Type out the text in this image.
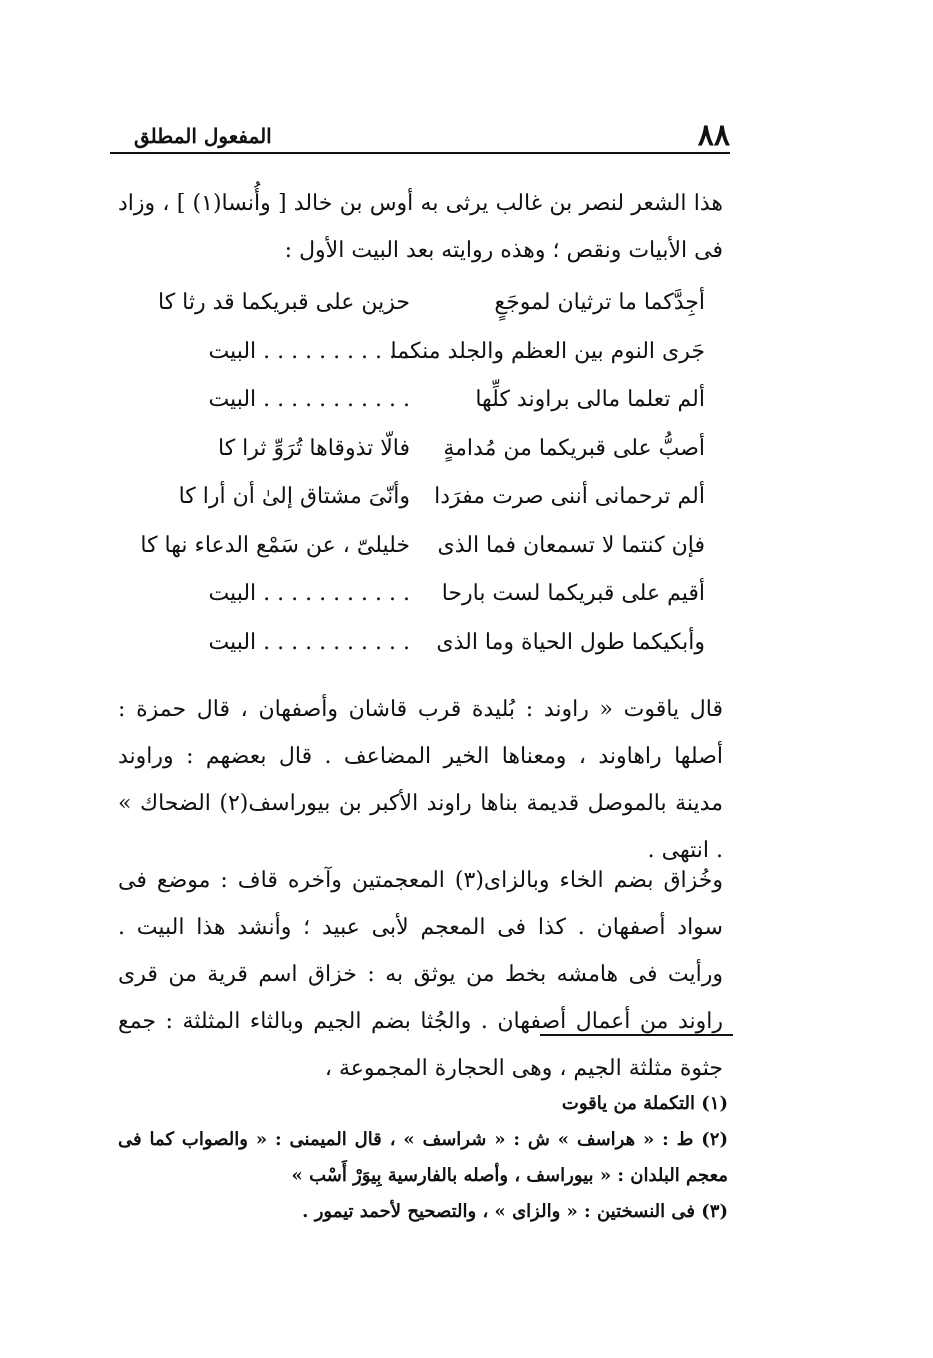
٨٨
المفعول المطلق
هذا الشعر لنصر بن غالب يرثى به أوس بن خالد [ وأُنسا(١) ] ، وزاد فى الأبيات ونقص ؛ وهذه روايته بعد البيت الأول :
أجِدَّكما ما ترثيان لموجَعٍ
حزين على قبريكما قد رثا كا
جَرى النوم بين العظم والجلد منكما
. . . . . . . . . . . البيت
ألم تعلما مالى براوند كلِّها
. . . . . . . . . . . البيت
أصبُّ على قبريكما من مُدامةٍ
فالّا تذوقاها تُرَوِّ ثرا كا
ألم ترحمانى أننى صرت مفرَدا
وأنّىَ مشتاق إلىٰ أن أرا كا
فإن كنتما لا تسمعان فما الذى
خليلىّ ، عن سَمْع الدعاء نها كا
أقيم على قبريكما لست بارحا
. . . . . . . . . . . البيت
وأبكيكما طول الحياة وما الذى
. . . . . . . . . . . البيت
قال ياقوت « راوند : بُليدة قرب قاشان وأصفهان ، قال حمزة : أصلها راهاوند ، ومعناها الخير المضاعف . قال بعضهم : وراوند مدينة بالموصل قديمة بناها راوند الأكبر بن بيوراسف(٢) الضحاك » . انتهى .
وخُزاق بضم الخاء وبالزاى(٣) المعجمتين وآخره قاف : موضع فى سواد أصفهان . كذا فى المعجم لأبى عبيد ؛ وأنشد هذا البيت . ورأيت فى هامشه بخط من يوثق به : خزاق اسم قرية من قرى راوند من أعمال أصفهان . والجُثا بضم الجيم وبالثاء المثلثة : جمع جثوة مثلثة الجيم ، وهى الحجارة المجموعة ،
(١) التكملة من ياقوت
(٢) ط : « هراسف » ش : « شراسف » ، قال الميمنى : « والصواب كما فى معجم البلدان : « بيوراسف ، وأصله بالفارسية بِيوَرْ أَسْب »
(٣) فى النسختين : « والزاى » ، والتصحيح لأحمد تيمور .
